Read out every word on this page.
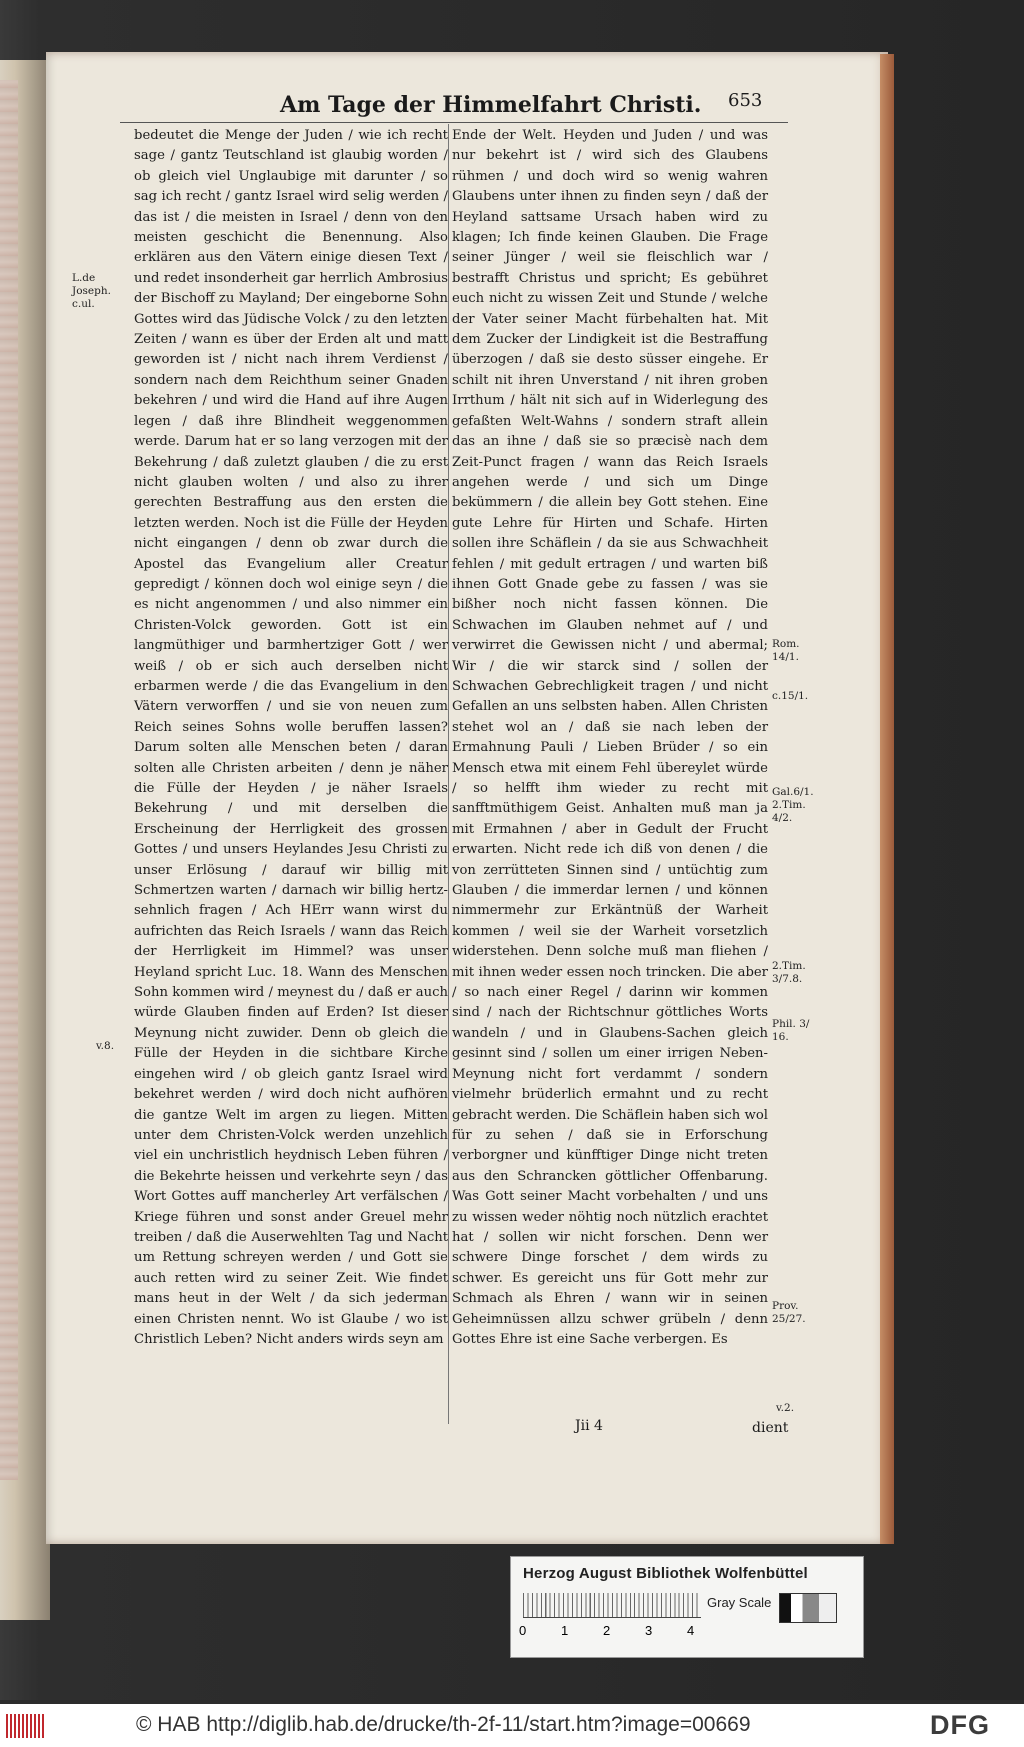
Am Tage der Himmelfahrt Christi. 653
bedeutet die Menge der Juden / wie ich recht sage / gantz Teutschland ist glaubig worden / ob gleich viel Unglaubige mit darunter / so sag ich recht / gantz Israel wird selig werden / das ist / die meisten in Israel / denn von den meisten geschicht die Benennung. Also erklären aus den Vätern einige diesen Text / und redet insonderheit gar herrlich Ambrosius der Bischoff zu Mayland; Der eingeborne Sohn Gottes wird das Jüdische Volck / zu den letzten Zeiten / wann es über der Erden alt und matt geworden ist / nicht nach ihrem Verdienst / sondern nach dem Reichthum seiner Gnaden bekehren / und wird die Hand auf ihre Augen legen / daß ihre Blindheit weggenommen werde. Darum hat er so lang verzogen mit der Bekehrung / daß zuletzt glauben / die zu erst nicht glauben wolten / und also zu ihrer gerechten Bestraffung aus den ersten die letzten werden. Noch ist die Fülle der Heyden nicht eingangen / denn ob zwar durch die Apostel das Evangelium aller Creatur gepredigt / können doch wol einige seyn / die es nicht angenommen / und also nimmer ein Christen-Volck geworden. Gott ist ein langmüthiger und barmhertziger Gott / wer weiß / ob er sich auch derselben nicht erbarmen werde / die das Evangelium in den Vätern verworffen / und sie von neuen zum Reich seines Sohns wolle beruffen lassen? Darum solten alle Menschen beten / daran solten alle Christen arbeiten / denn je näher die Fülle der Heyden / je näher Israels Bekehrung / und mit derselben die Erscheinung der Herrligkeit des grossen Gottes / und unsers Heylandes Jesu Christi zu unser Erlösung / darauf wir billig mit Schmertzen warten / darnach wir billig hertz-sehnlich fragen / Ach HErr wann wirst du aufrichten das Reich Israels / wann das Reich der Herrligkeit im Himmel? was unser Heyland spricht Luc. 18. Wann des Menschen Sohn kommen wird / meynest du / daß er auch würde Glauben finden auf Erden? Ist dieser Meynung nicht zuwider. Denn ob gleich die Fülle der Heyden in die sichtbare Kirche eingehen wird / ob gleich gantz Israel wird bekehret werden / wird doch nicht aufhören die gantze Welt im argen zu liegen. Mitten unter dem Christen-Volck werden unzehlich viel ein unchristlich heydnisch Leben führen / die Bekehrte heissen und verkehrte seyn / das Wort Gottes auff mancherley Art verfälschen / Kriege führen und sonst ander Greuel mehr treiben / daß die Auserwehlten Tag und Nacht um Rettung schreyen werden / und Gott sie auch retten wird zu seiner Zeit. Wie findet mans heut in der Welt / da sich jederman einen Christen nennt. Wo ist Glaube / wo ist Christlich Leben? Nicht anders wirds seyn am
Ende der Welt. Heyden und Juden / und was nur bekehrt ist / wird sich des Glaubens rühmen / und doch wird so wenig wahren Glaubens unter ihnen zu finden seyn / daß der Heyland sattsame Ursach haben wird zu klagen; Ich finde keinen Glauben. Die Frage seiner Jünger / weil sie fleischlich war / bestrafft Christus und spricht; Es gebühret euch nicht zu wissen Zeit und Stunde / welche der Vater seiner Macht fürbehalten hat. Mit dem Zucker der Lindigkeit ist die Bestraffung überzogen / daß sie desto süsser eingehe. Er schilt nit ihren Unverstand / nit ihren groben Irrthum / hält nit sich auf in Widerlegung des gefaßten Welt-Wahns / sondern straft allein das an ihne / daß sie so præcisè nach dem Zeit-Punct fragen / wann das Reich Israels angehen werde / und sich um Dinge bekümmern / die allein bey Gott stehen. Eine gute Lehre für Hirten und Schafe. Hirten sollen ihre Schäflein / da sie aus Schwachheit fehlen / mit gedult ertragen / und warten biß ihnen Gott Gnade gebe zu fassen / was sie bißher noch nicht fassen können. Die Schwachen im Glauben nehmet auf / und verwirret die Gewissen nicht / und abermal; Wir / die wir starck sind / sollen der Schwachen Gebrechligkeit tragen / und nicht Gefallen an uns selbsten haben. Allen Christen stehet wol an / daß sie nach leben der Ermahnung Pauli / Lieben Brüder / so ein Mensch etwa mit einem Fehl übereylet würde / so helfft ihm wieder zu recht mit sanfftmüthigem Geist. Anhalten muß man ja mit Ermahnen / aber in Gedult der Frucht erwarten. Nicht rede ich diß von denen / die von zerrütteten Sinnen sind / untüchtig zum Glauben / die immerdar lernen / und können nimmermehr zur Erkäntnüß der Warheit kommen / weil sie der Warheit vorsetzlich widerstehen. Denn solche muß man fliehen / mit ihnen weder essen noch trincken. Die aber / so nach einer Regel / darinn wir kommen sind / nach der Richtschnur göttliches Worts wandeln / und in Glaubens-Sachen gleich gesinnt sind / sollen um einer irrigen Neben-Meynung nicht fort verdammt / sondern vielmehr brüderlich ermahnt und zu recht gebracht werden. Die Schäflein haben sich wol für zu sehen / daß sie in Erforschung verborgner und künfftiger Dinge nicht treten aus den Schrancken göttlicher Offenbarung. Was Gott seiner Macht vorbehalten / und uns zu wissen weder nöhtig noch nützlich erachtet hat / sollen wir nicht forschen. Denn wer schwere Dinge forschet / dem wirds zu schwer. Es gereicht uns für Gott mehr zur Schmach als Ehren / wann wir in seinen Geheimnüssen allzu schwer grübeln / denn Gottes Ehre ist eine Sache verbergen. Es
L.de Joseph. c.ul.
v.8.
Rom. 14/1.
c.15/1.
Gal.6/1. 2.Tim. 4/2.
2.Tim. 3/7.8.
Phil. 3/ 16.
Prov. 25/27.
v.2.
Jii 4	dient
Herzog August Bibliothek Wolfenbüttel
0	1	2	3	4
Gray Scale
© HAB http://diglib.hab.de/drucke/th-2f-11/start.htm?image=00669	DFG
